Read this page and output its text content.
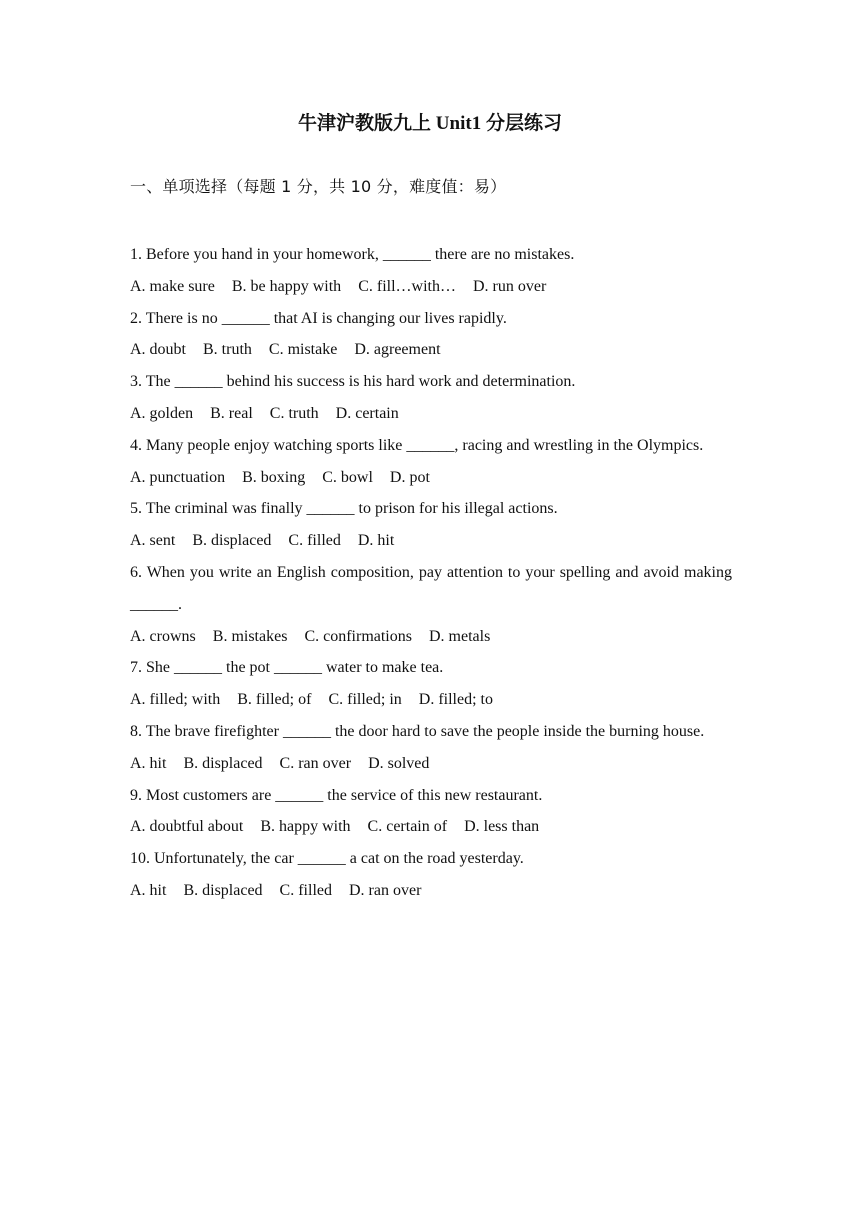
牛津沪教版九上 Unit1 分层练习
一、单项选择（每题 1 分，共 10 分，难度值：易）
1. Before you hand in your homework, ______ there are no mistakes.
A. make sure B. be happy with C. fill…with… D. run over
2. There is no ______ that AI is changing our lives rapidly.
A. doubt B. truth C. mistake D. agreement
3. The ______ behind his success is his hard work and determination.
A. golden B. real C. truth D. certain
4. Many people enjoy watching sports like ______, racing and wrestling in the Olympics.
A. punctuation B. boxing C. bowl D. pot
5. The criminal was finally ______ to prison for his illegal actions.
A. sent B. displaced C. filled D. hit
6. When you write an English composition, pay attention to your spelling and avoid making ______.
A. crowns B. mistakes C. confirmations D. metals
7. She ______ the pot ______ water to make tea.
A. filled; with B. filled; of C. filled; in D. filled; to
8. The brave firefighter ______ the door hard to save the people inside the burning house.
A. hit B. displaced C. ran over D. solved
9. Most customers are ______ the service of this new restaurant.
A. doubtful about B. happy with C. certain of D. less than
10. Unfortunately, the car ______ a cat on the road yesterday.
A. hit B. displaced C. filled D. ran over
